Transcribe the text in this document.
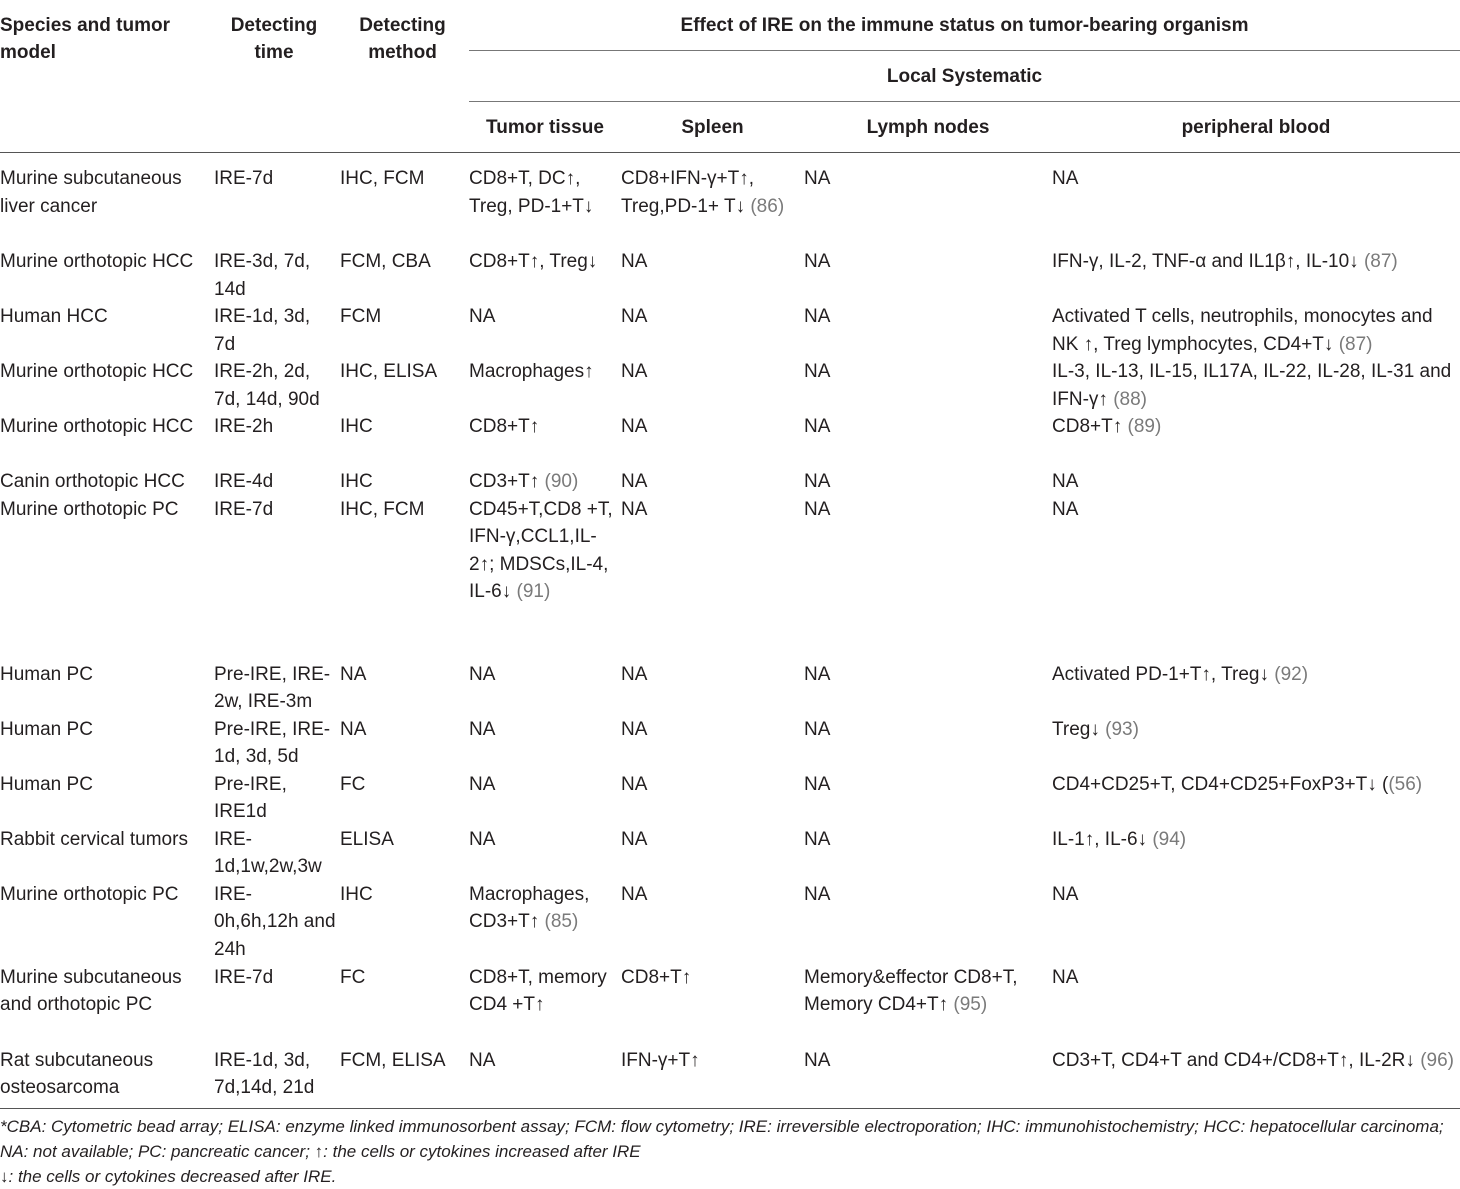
Species and tumor model	Detecting time	Detecting method	Effect of IRE on the immune status on tumor-bearing organism			
			Local Systematic			
			Tumor tissue	Spleen	Lymph nodes	peripheral blood
Murine subcutaneous liver cancer	IRE-7d	IHC, FCM	CD8+T, DC↑, Treg, PD-1+T↓	CD8+IFN-γ+T↑, Treg,PD-1+ T↓ (86)	NA	NA
Murine orthotopic HCC	IRE-3d, 7d, 14d	FCM, CBA	CD8+T↑, Treg↓	NA	NA	IFN-γ, IL-2, TNF-α and IL1β↑, IL-10↓ (87)
Human HCC	IRE-1d, 3d, 7d	FCM	NA	NA	NA	Activated T cells, neutrophils, monocytes and NK ↑, Treg lymphocytes, CD4+T↓ (87)
Murine orthotopic HCC	IRE-2h, 2d, 7d, 14d, 90d	IHC, ELISA	Macrophages↑	NA	NA	IL-3, IL-13, IL-15, IL17A, IL-22, IL-28, IL-31 and IFN-γ↑ (88)
Murine orthotopic HCC	IRE-2h	IHC	CD8+T↑	NA	NA	CD8+T↑ (89)
Canin orthotopic HCC	IRE-4d	IHC	CD3+T↑ (90)	NA	NA	NA
Murine orthotopic PC	IRE-7d	IHC, FCM	CD45+T,CD8 +T, IFN-γ,CCL1,IL-2↑; MDSCs,IL-4, IL-6↓ (91)	NA	NA	NA
Human PC	Pre-IRE, IRE-2w, IRE-3m	NA	NA	NA	NA	Activated PD-1+T↑, Treg↓ (92)
Human PC	Pre-IRE, IRE-1d, 3d, 5d	NA	NA	NA	NA	Treg↓ (93)
Human PC	Pre-IRE, IRE1d	FC	NA	NA	NA	CD4+CD25+T, CD4+CD25+FoxP3+T↓ ((56)
Rabbit cervical tumors	IRE-1d,1w,2w,3w	ELISA	NA	NA	NA	IL-1↑, IL-6↓ (94)
Murine orthotopic PC	IRE-0h,6h,12h and 24h	IHC	Macrophages, CD3+T↑ (85)	NA	NA	NA
Murine subcutaneous and orthotopic PC	IRE-7d	FC	CD8+T, memory CD4 +T↑	CD8+T↑	Memory&effector CD8+T, Memory CD4+T↑ (95)	NA
Rat subcutaneous osteosarcoma	IRE-1d, 3d, 7d,14d, 21d	FCM, ELISA	NA	IFN-γ+T↑	NA	CD3+T, CD4+T and CD4+/CD8+T↑, IL-2R↓ (96)
*CBA: Cytometric bead array; ELISA: enzyme linked immunosorbent assay; FCM: flow cytometry; IRE: irreversible electroporation; IHC: immunohistochemistry; HCC: hepatocellular carcinoma; NA: not available; PC: pancreatic cancer; ↑: the cells or cytokines increased after IRE
↓: the cells or cytokines decreased after IRE.
